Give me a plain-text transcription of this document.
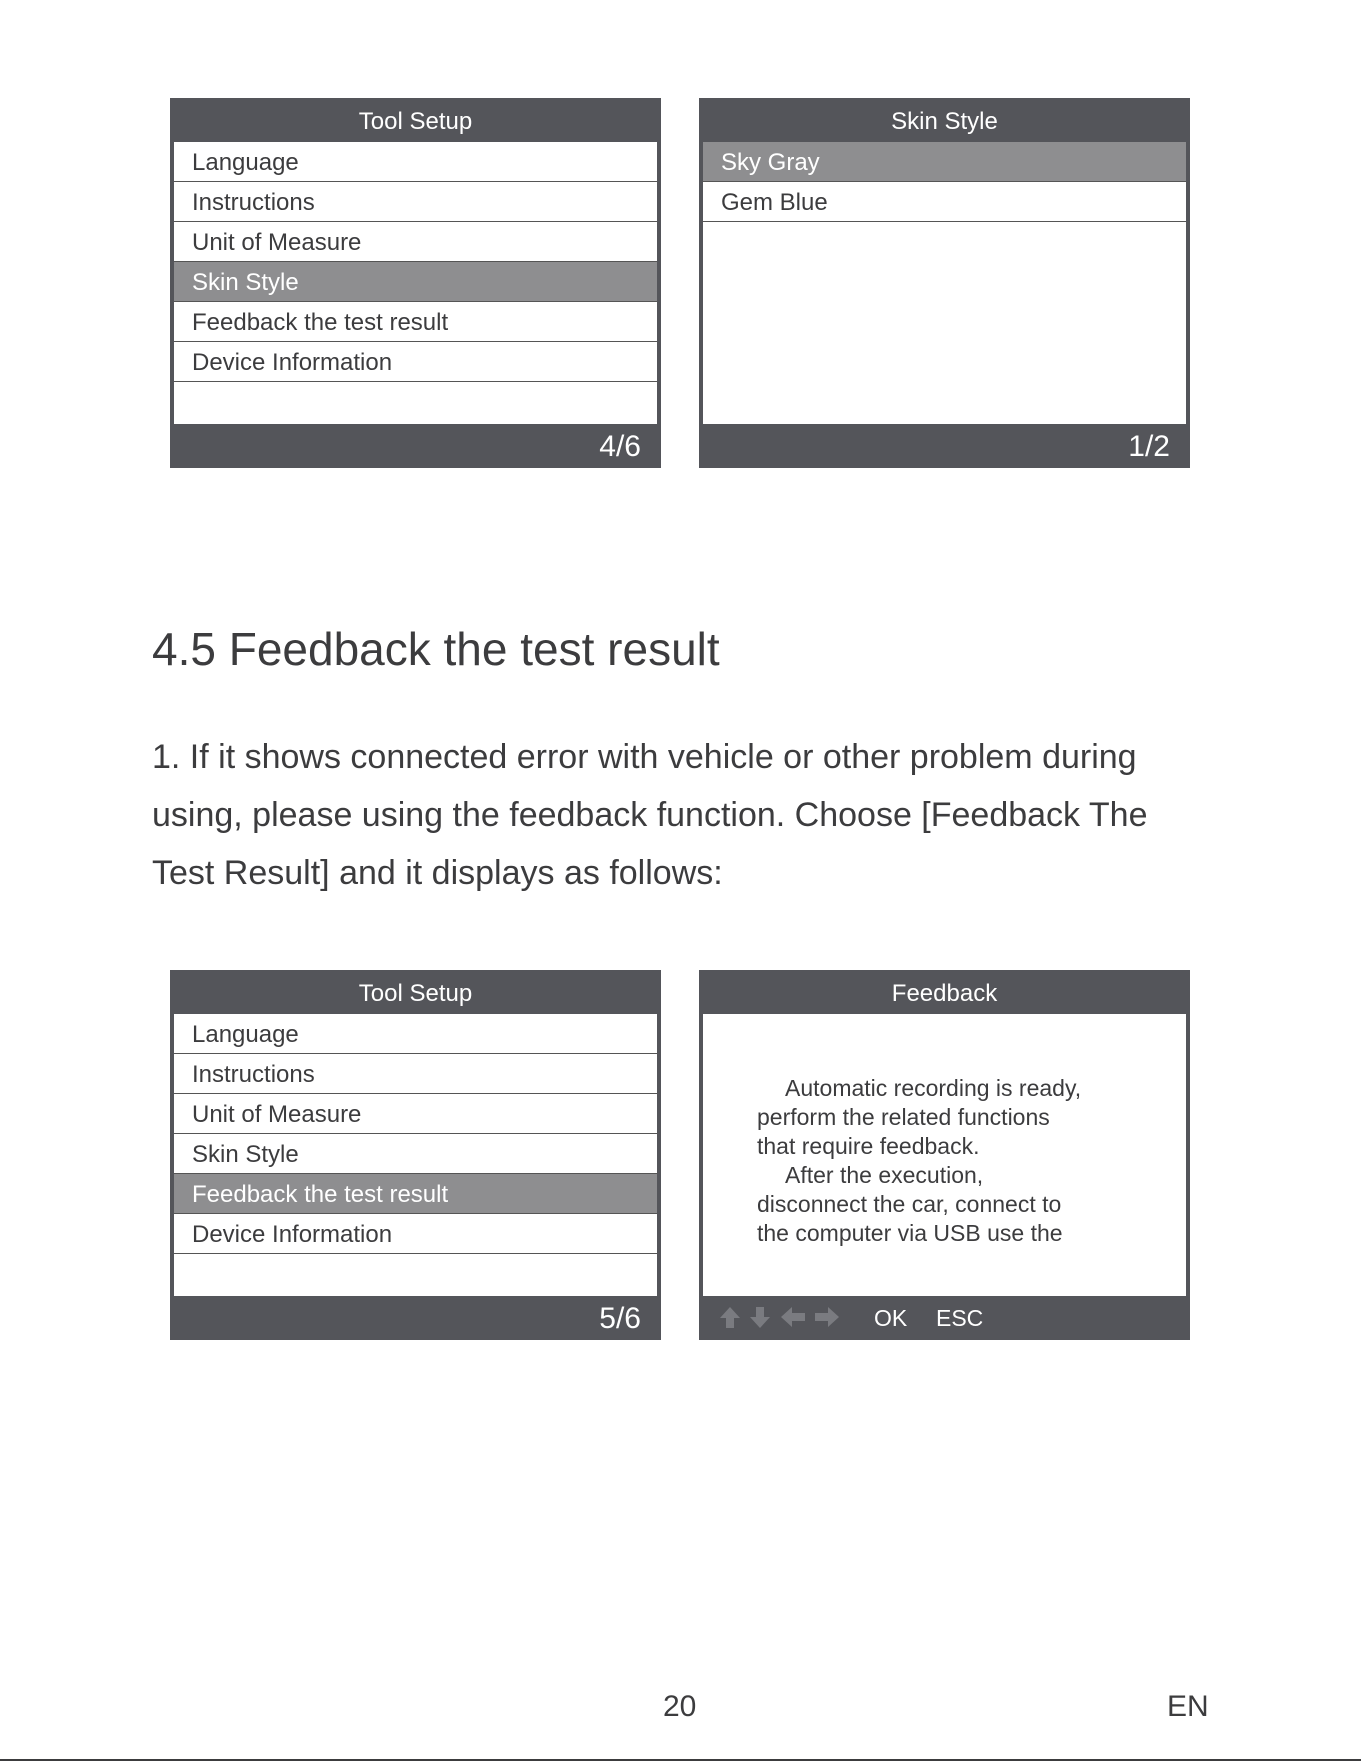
Tool Setup
Language
Instructions
Unit of Measure
Skin Style
Feedback the test result
Device Information
4/6
Skin Style
Sky Gray
Gem Blue
1/2
4.5 Feedback the test result
1. If it shows connected error with vehicle or other problem during
using, please using the feedback function. Choose [Feedback The
Test Result] and it displays as follows:
Tool Setup
Language
Instructions
Unit of Measure
Skin Style
Feedback the test result
Device Information
5/6
Feedback
Automatic recording is ready,
perform the related functions
that require feedback.
After the execution,
disconnect the car, connect to
the computer via USB use the

OK ESC
20	EN
